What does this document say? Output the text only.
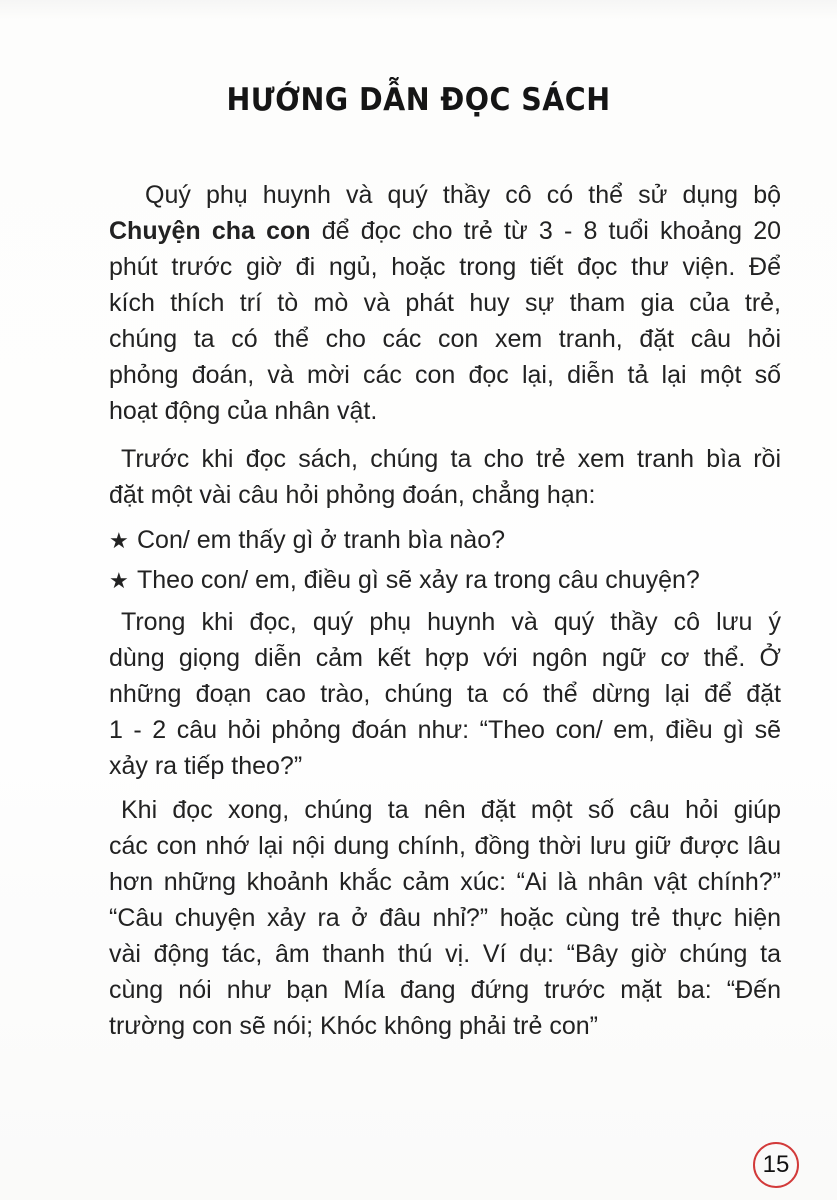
HƯỚNG DẪN ĐỌC SÁCH
Quý phụ huynh và quý thầy cô có thể sử dụng bộ
Chuyện cha con để đọc cho trẻ từ 3 - 8 tuổi khoảng 20
phút trước giờ đi ngủ, hoặc trong tiết đọc thư viện. Để
kích thích trí tò mò và phát huy sự tham gia của trẻ,
chúng ta có thể cho các con xem tranh, đặt câu hỏi
phỏng đoán, và mời các con đọc lại, diễn tả lại một số
hoạt động của nhân vật.
Trước khi đọc sách, chúng ta cho trẻ xem tranh bìa rồi
đặt một vài câu hỏi phỏng đoán, chẳng hạn:
★ Con/ em thấy gì ở tranh bìa nào?
★ Theo con/ em, điều gì sẽ xảy ra trong câu chuyện?
Trong khi đọc, quý phụ huynh và quý thầy cô lưu ý
dùng giọng diễn cảm kết hợp với ngôn ngữ cơ thể. Ở
những đoạn cao trào, chúng ta có thể dừng lại để đặt
1 - 2 câu hỏi phỏng đoán như: “Theo con/ em, điều gì sẽ
xảy ra tiếp theo?”
Khi đọc xong, chúng ta nên đặt một số câu hỏi giúp
các con nhớ lại nội dung chính, đồng thời lưu giữ được lâu
hơn những khoảnh khắc cảm xúc: “Ai là nhân vật chính?”
“Câu chuyện xảy ra ở đâu nhỉ?” hoặc cùng trẻ thực hiện
vài động tác, âm thanh thú vị. Ví dụ: “Bây giờ chúng ta
cùng nói như bạn Mía đang đứng trước mặt ba: “Đến
trường con sẽ nói; Khóc không phải trẻ con”
15
